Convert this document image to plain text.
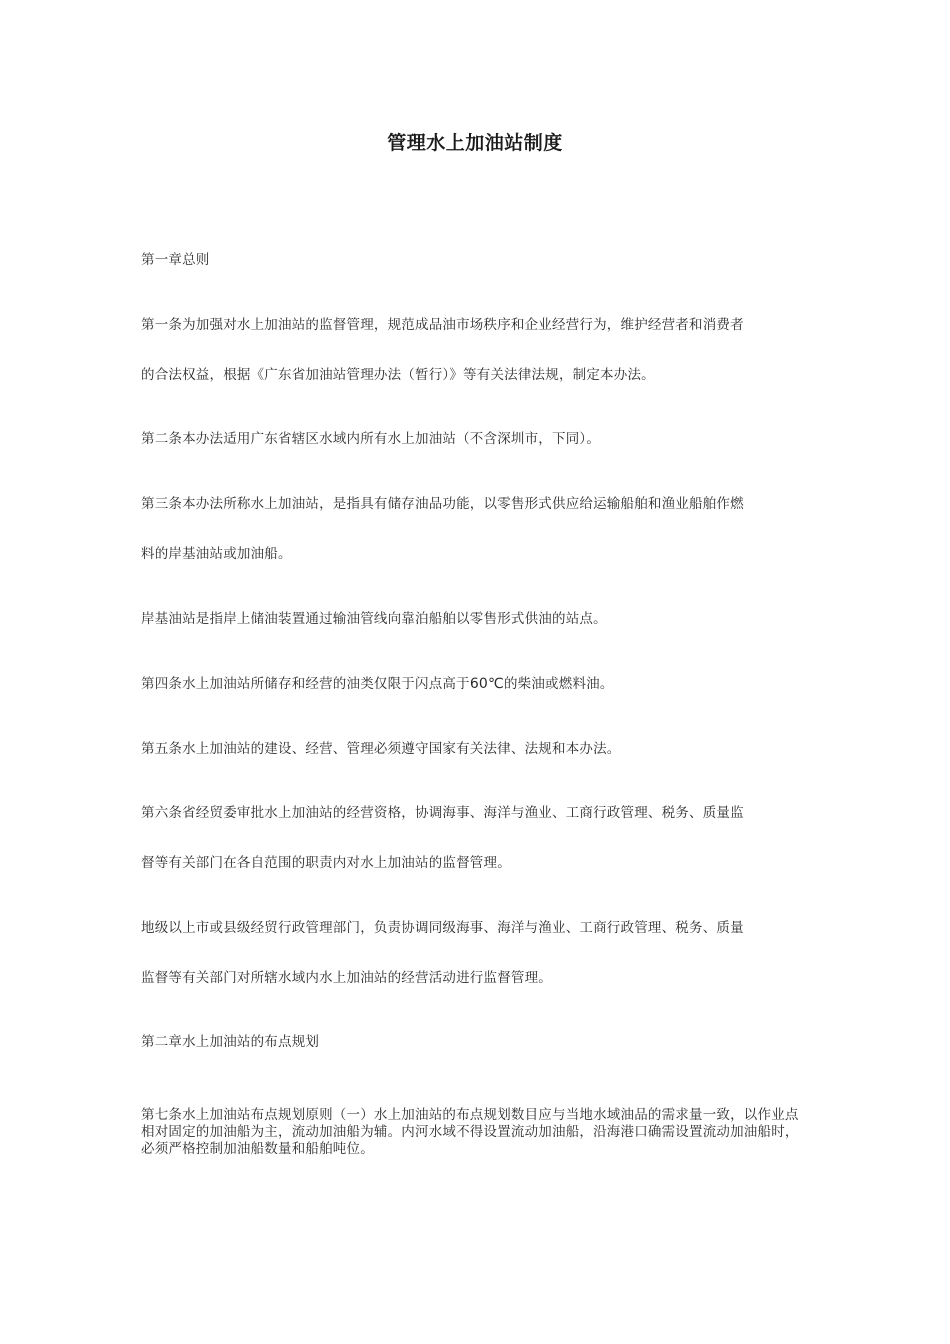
管理水上加油站制度
第一章总则
第一条为加强对水上加油站的监督管理，规范成品油市场秩序和企业经营行为，维护经营者和消费者
的合法权益，根据《广东省加油站管理办法（暂行）》等有关法律法规，制定本办法。
第二条本办法适用广东省辖区水域内所有水上加油站（不含深圳市，下同）。
第三条本办法所称水上加油站，是指具有储存油品功能，以零售形式供应给运输船舶和渔业船舶作燃
料的岸基油站或加油船。
岸基油站是指岸上储油装置通过输油管线向靠泊船舶以零售形式供油的站点。
第四条水上加油站所储存和经营的油类仅限于闪点高于60℃的柴油或燃料油。
第五条水上加油站的建设、经营、管理必须遵守国家有关法律、法规和本办法。
第六条省经贸委审批水上加油站的经营资格，协调海事、海洋与渔业、工商行政管理、税务、质量监
督等有关部门在各自范围的职责内对水上加油站的监督管理。
地级以上市或县级经贸行政管理部门，负责协调同级海事、海洋与渔业、工商行政管理、税务、质量
监督等有关部门对所辖水域内水上加油站的经营活动进行监督管理。
第二章水上加油站的布点规划
第七条水上加油站布点规划原则（一）水上加油站的布点规划数目应与当地水域油品的需求量一致，以作业点相对固定的加油船为主，流动加油船为辅。内河水域不得设置流动加油船，沿海港口确需设置流动加油船时，必须严格控制加油船数量和船舶吨位。
